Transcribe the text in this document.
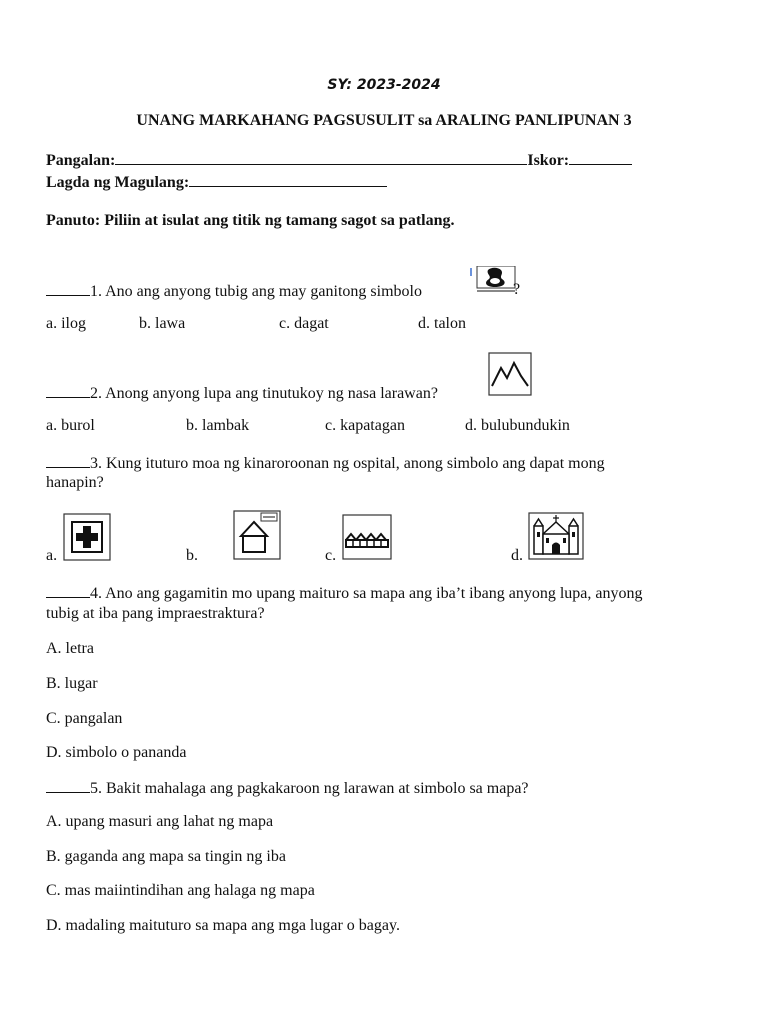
SY: 2023-2024
UNANG MARKAHANG PAGSUSULIT sa ARALING PANLIPUNAN 3
Pangalan:	Iskor:
Lagda ng Magulang:
Panuto: Piliin at isulat ang titik ng tamang sagot sa patlang.
1. Ano ang anyong tubig ang may ganitong simbolo	?
a. ilog	b. lawa	c. dagat	d. talon
2. Anong anyong lupa ang tinutukoy ng nasa larawan?
a. burol	b. lambak	c. kapatagan	d. bulubundukin
3. Kung ituturo moa ng kinaroroonan ng ospital, anong simbolo ang dapat mong
hanapin?
a.	b.	c.	d.
4. Ano ang gagamitin mo upang maituro sa mapa ang iba’t ibang anyong lupa, anyong
tubig at iba pang impraestraktura?
A. letra
B. lugar
C. pangalan
D. simbolo o pananda
5. Bakit mahalaga ang pagkakaroon ng larawan at simbolo sa mapa?
A. upang masuri ang lahat ng mapa
B. gaganda ang mapa sa tingin ng iba
C. mas maiintindihan ang halaga ng mapa
D. madaling maituturo sa mapa ang mga lugar o bagay.
